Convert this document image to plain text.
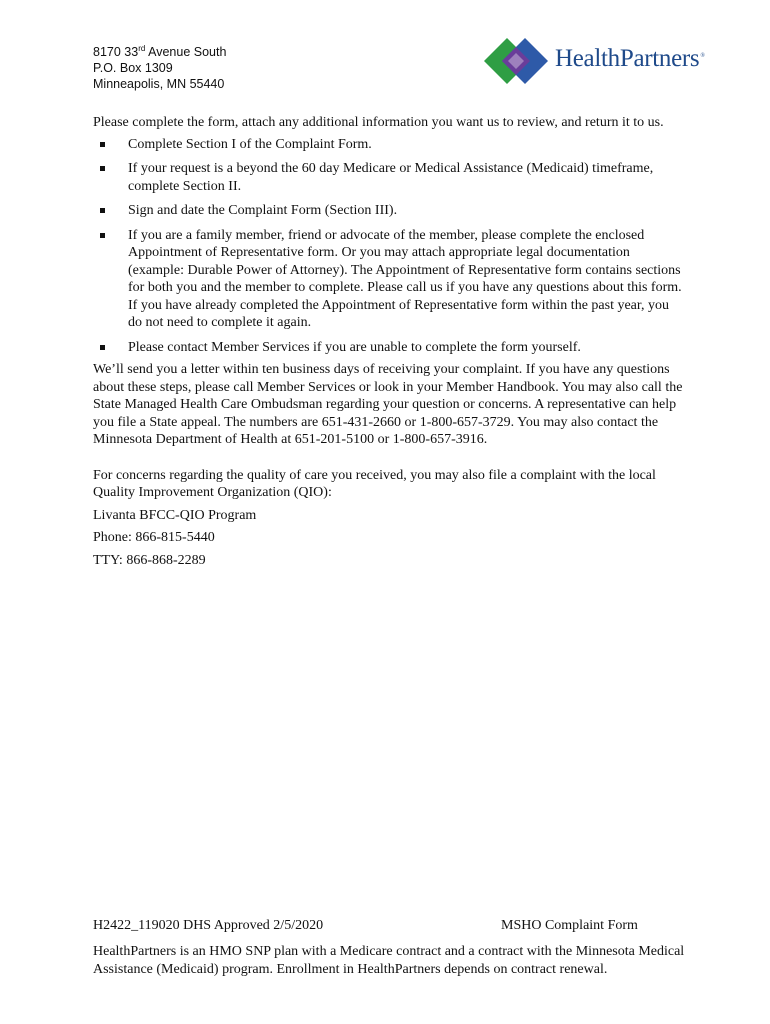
8170 33rd Avenue South
P.O. Box 1309
Minneapolis, MN 55440
HealthPartners®

Please complete the form, attach any additional information you want us to review, and return it to us.

Complete Section I of the Complaint Form.
If your request is a beyond the 60 day Medicare or Medical Assistance (Medicaid) timeframe, complete Section II.
Sign and date the Complaint Form (Section III).
If you are a family member, friend or advocate of the member, please complete the enclosed Appointment of Representative form. Or you may attach appropriate legal documentation (example: Durable Power of Attorney). The Appointment of Representative form contains sections for both you and the member to complete. Please call us if you have any questions about this form. If you have already completed the Appointment of Representative form within the past year, you do not need to complete it again.
Please contact Member Services if you are unable to complete the form yourself.

We’ll send you a letter within ten business days of receiving your complaint. If you have any questions about these steps, please call Member Services or look in your Member Handbook. You may also call the State Managed Health Care Ombudsman regarding your question or concerns. A representative can help you file a State appeal. The numbers are 651-431-2660 or 1-800-657-3729. You may also contact the Minnesota Department of Health at 651-201-5100 or 1-800-657-3916.

For concerns regarding the quality of care you received, you may also file a complaint with the local Quality Improvement Organization (QIO):

Livanta BFCC-QIO Program

Phone: 866-815-5440

TTY: 866-868-2289

H2422_119020 DHS Approved 2/5/2020	MSHO Complaint Form
HealthPartners is an HMO SNP plan with a Medicare contract and a contract with the Minnesota Medical Assistance (Medicaid) program. Enrollment in HealthPartners depends on contract renewal.
